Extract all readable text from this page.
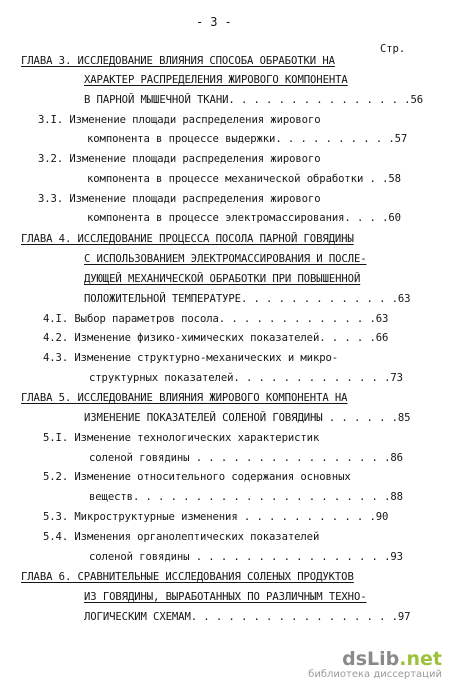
- 3 -
Стр.
ГЛАВА 3. ИССЛЕДОВАНИЕ ВЛИЯНИЯ СПОСОБА ОБРАБОТКИ НА
ХАРАКТЕР РАСПРЕДЕЛЕНИЯ ЖИРОВОГО КОМПОНЕНТА
В ПАРНОЙ МЫШЕЧНОЙ ТКАНИ. . . . . . . . . . . . . . .56
3.I. Изменение площади распределения жирового
компонента в процессе выдержки. . . . . . . . . .57
3.2. Изменение площади распределения жирового
компонента в процессе механической обработки . .58
3.3. Изменение площади распределения жирового
компонента в процессе электромассирования. . . .60
ГЛАВА 4. ИССЛЕДОВАНИЕ ПРОЦЕССА ПОСОЛА ПАРНОЙ ГОВЯДИНЫ
С ИСПОЛЬЗОВАНИЕМ ЭЛЕКТРОМАССИРОВАНИЯ И ПОСЛЕ-
ДУЮЩЕЙ МЕХАНИЧЕСКОЙ ОБРАБОТКИ ПРИ ПОВЫШЕННОЙ
ПОЛОЖИТЕЛЬНОЙ ТЕМПЕРАТУРЕ. . . . . . . . . . . . .63
4.I. Выбор параметров посола. . . . . . . . . . . . .63
4.2. Изменение физико-химических показателей. . . . .66
4.3. Изменение структурно-механических и микро-
структурных показателей. . . . . . . . . . . . .73
ГЛАВА 5. ИССЛЕДОВАНИЕ ВЛИЯНИЯ ЖИРОВОГО КОМПОНЕНТА НА
ИЗМЕНЕНИЕ ПОКАЗАТЕЛЕЙ СОЛЕНОЙ ГОВЯДИНЫ . . . . . .85
5.I. Изменение технологических характеристик
соленой говядины . . . . . . . . . . . . . . . .86
5.2. Изменение относительного содержания основных
веществ. . . . . . . . . . . . . . . . . . . . .88
5.3. Микроструктурные изменения . . . . . . . . . . .90
5.4. Изменения органолептических показателей
соленой говядины . . . . . . . . . . . . . . . .93
ГЛАВА 6. СРАВНИТЕЛЬНЫЕ ИССЛЕДОВАНИЯ СОЛЕНЫХ ПРОДУКТОВ
ИЗ ГОВЯДИНЫ, ВЫРАБОТАННЫХ ПО РАЗЛИЧНЫМ ТЕХНО-
ЛОГИЧЕСКИМ СХЕМАМ. . . . . . . . . . . . . . . . .97
dsLib.net
библиотека диссертаций
